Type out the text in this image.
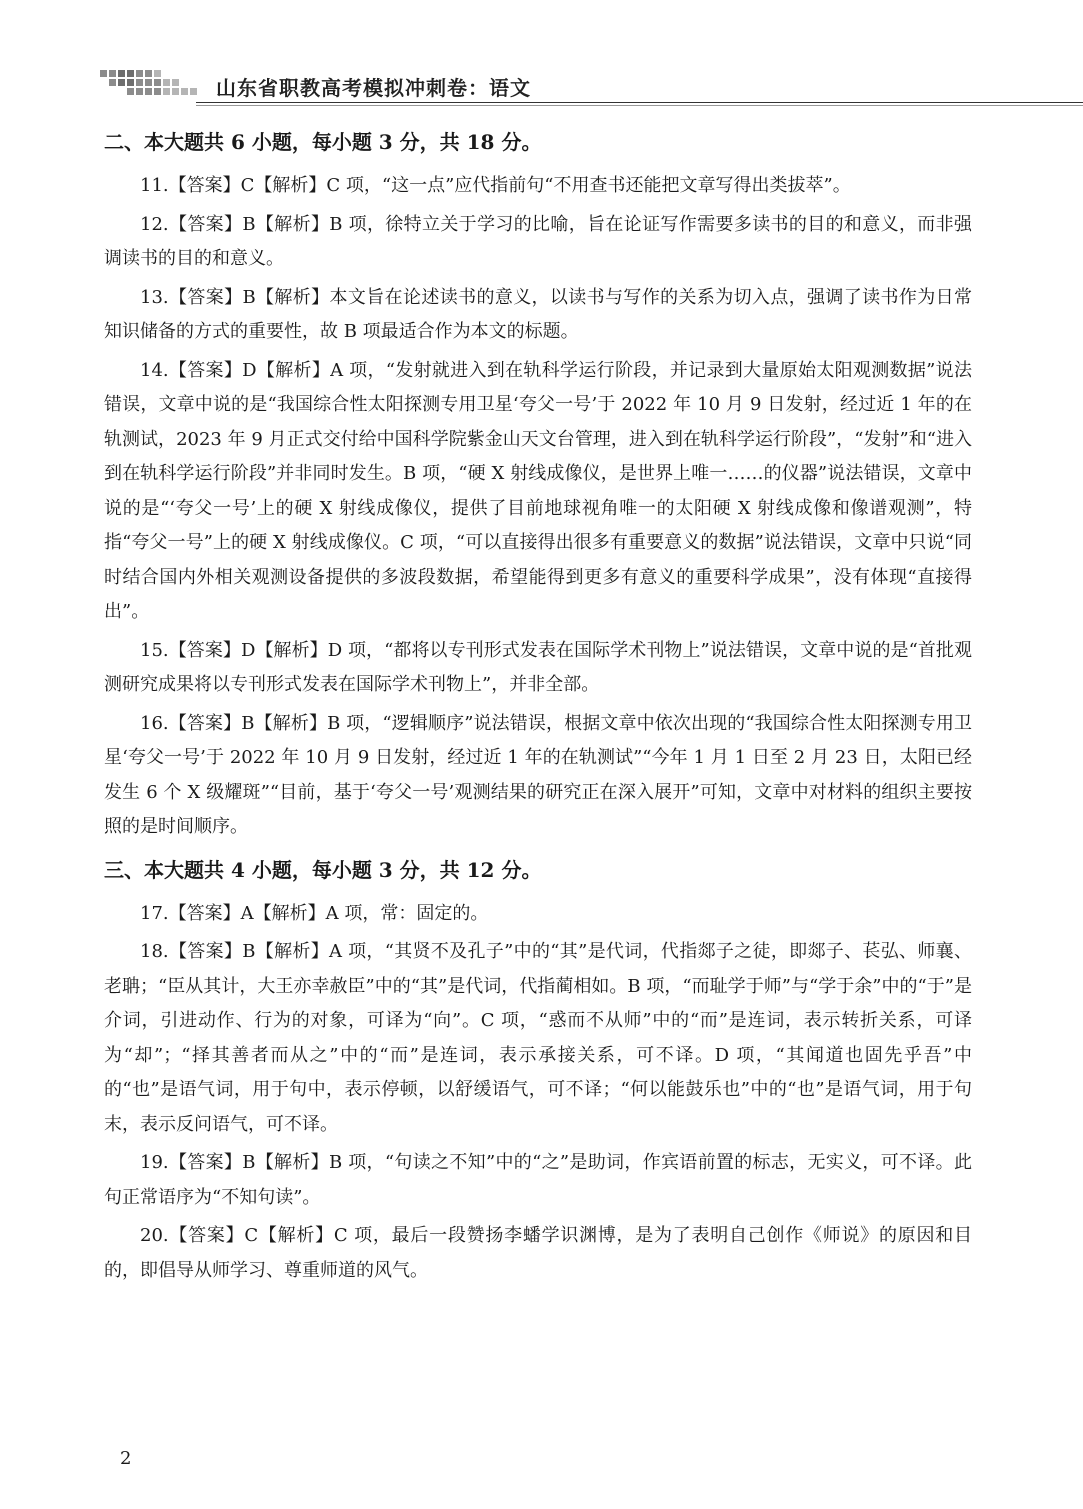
山东省职教高考模拟冲刺卷：语文
二、本大题共 6 小题，每小题 3 分，共 18 分。

11.【答案】C【解析】C 项，“这一点”应代指前句“不用查书还能把文章写得出类拔萃”。

12.【答案】B【解析】B 项，徐特立关于学习的比喻，旨在论证写作需要多读书的目的和意义，而非强调读书的目的和意义。

13.【答案】B【解析】本文旨在论述读书的意义，以读书与写作的关系为切入点，强调了读书作为日常知识储备的方式的重要性，故 B 项最适合作为本文的标题。

14.【答案】D【解析】A 项，“发射就进入到在轨科学运行阶段，并记录到大量原始太阳观测数据”说法错误，文章中说的是“我国综合性太阳探测专用卫星‘夸父一号’于 2022 年 10 月 9 日发射，经过近 1 年的在轨测试，2023 年 9 月正式交付给中国科学院紫金山天文台管理，进入到在轨科学运行阶段”，“发射”和“进入到在轨科学运行阶段”并非同时发生。B 项，“硬 X 射线成像仪，是世界上唯一……的仪器”说法错误，文章中说的是“‘夸父一号’上的硬 X 射线成像仪，提供了目前地球视角唯一的太阳硬 X 射线成像和像谱观测”，特指“夸父一号”上的硬 X 射线成像仪。C 项，“可以直接得出很多有重要意义的数据”说法错误，文章中只说“同时结合国内外相关观测设备提供的多波段数据，希望能得到更多有意义的重要科学成果”，没有体现“直接得出”。

15.【答案】D【解析】D 项，“都将以专刊形式发表在国际学术刊物上”说法错误，文章中说的是“首批观测研究成果将以专刊形式发表在国际学术刊物上”，并非全部。

16.【答案】B【解析】B 项，“逻辑顺序”说法错误，根据文章中依次出现的“我国综合性太阳探测专用卫星‘夸父一号’于 2022 年 10 月 9 日发射，经过近 1 年的在轨测试”“今年 1 月 1 日至 2 月 23 日，太阳已经发生 6 个 X 级耀斑”“目前，基于‘夸父一号’观测结果的研究正在深入展开”可知，文章中对材料的组织主要按照的是时间顺序。

三、本大题共 4 小题，每小题 3 分，共 12 分。

17.【答案】A【解析】A 项，常：固定的。

18.【答案】B【解析】A 项，“其贤不及孔子”中的“其”是代词，代指郯子之徒，即郯子、苌弘、师襄、老聃；“臣从其计，大王亦幸赦臣”中的“其”是代词，代指蔺相如。B 项，“而耻学于师”与“学于余”中的“于”是介词，引进动作、行为的对象，可译为“向”。C 项，“惑而不从师”中的“而”是连词，表示转折关系，可译为“却”；“择其善者而从之”中的“而”是连词，表示承接关系，可不译。D 项，“其闻道也固先乎吾”中的“也”是语气词，用于句中，表示停顿，以舒缓语气，可不译；“何以能鼓乐也”中的“也”是语气词，用于句末，表示反问语气，可不译。

19.【答案】B【解析】B 项，“句读之不知”中的“之”是助词，作宾语前置的标志，无实义，可不译。此句正常语序为“不知句读”。

20.【答案】C【解析】C 项，最后一段赞扬李蟠学识渊博，是为了表明自己创作《师说》的原因和目的，即倡导从师学习、尊重师道的风气。

2
